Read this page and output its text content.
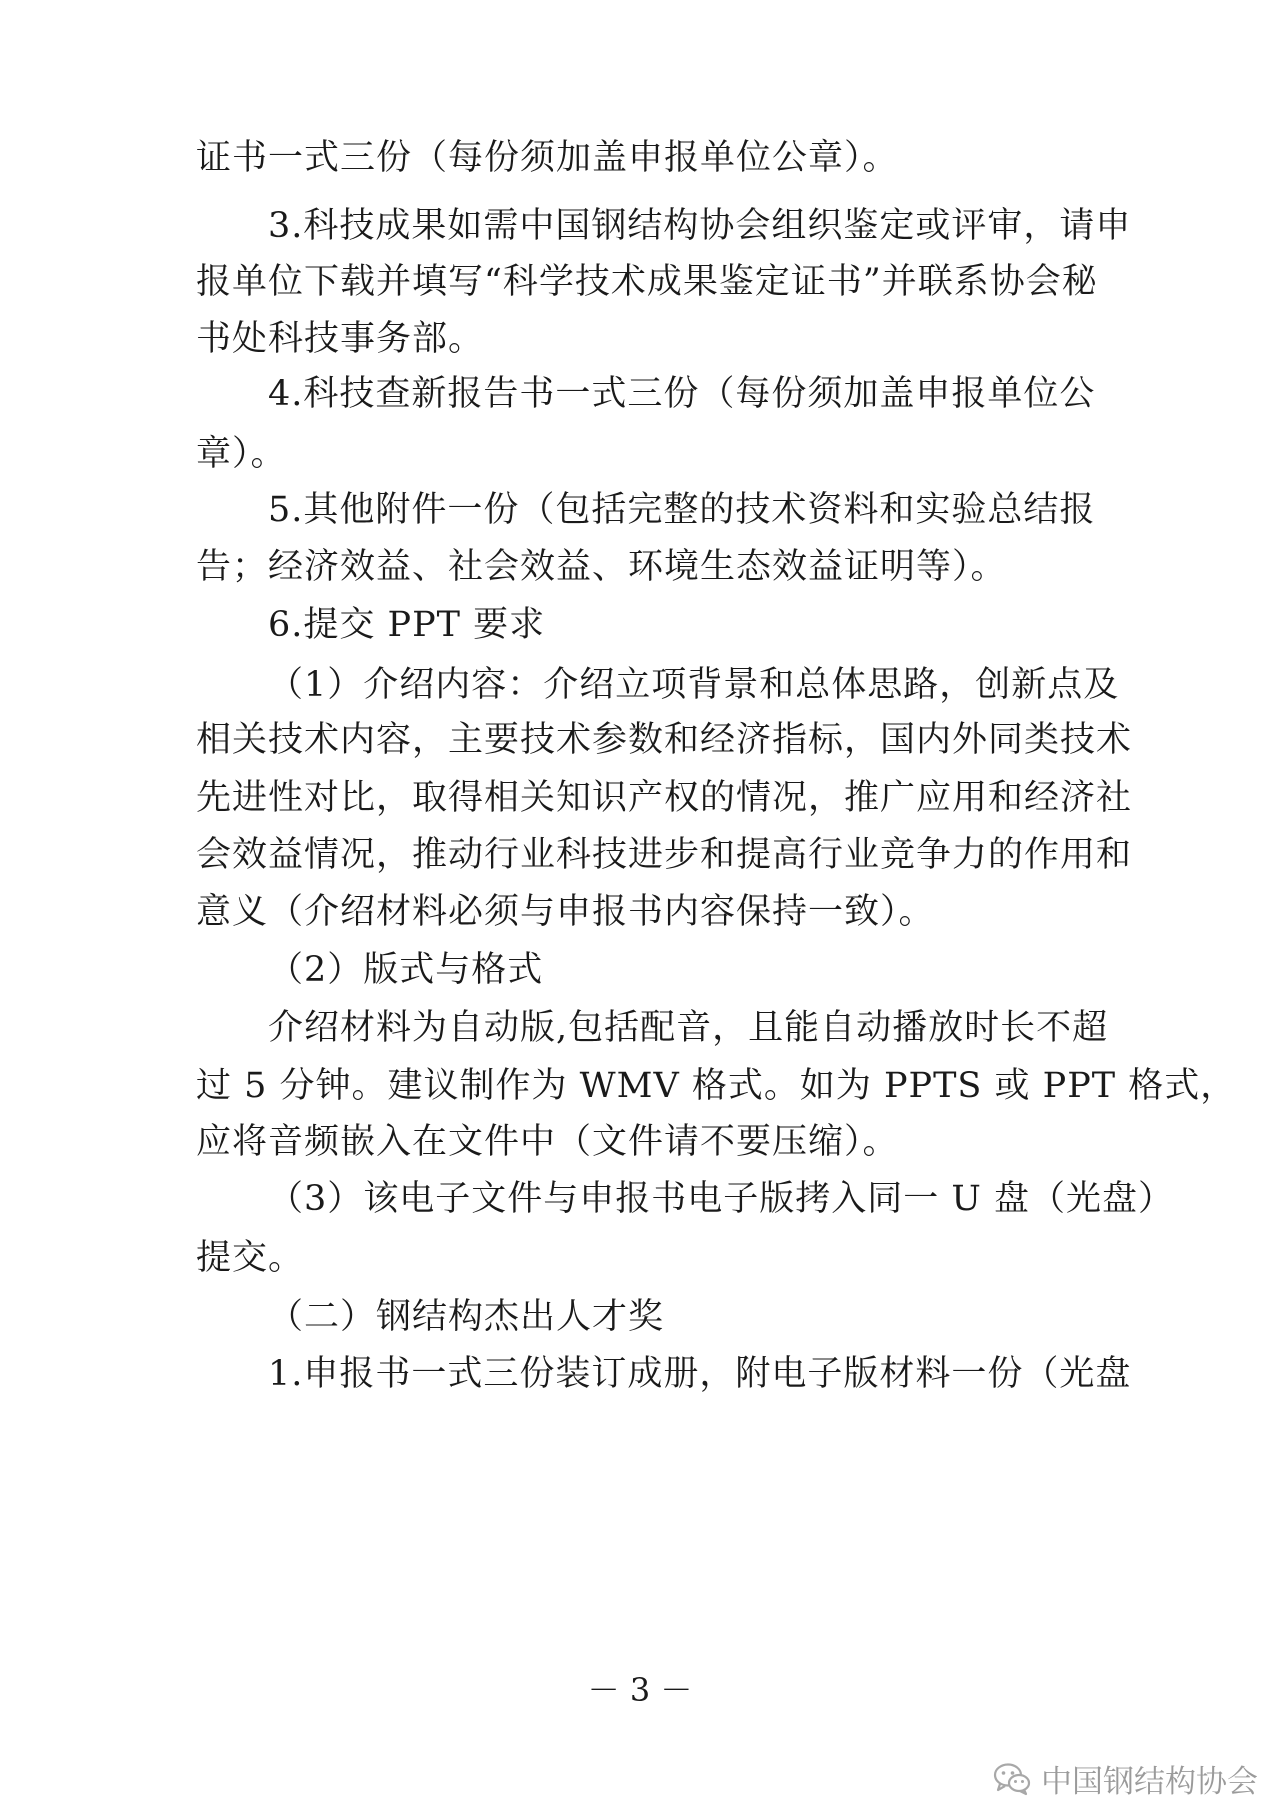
证书一式三份（每份须加盖申报单位公章）。
3.科技成果如需中国钢结构协会组织鉴定或评审，请申
报单位下载并填写“科学技术成果鉴定证书”并联系协会秘
书处科技事务部。
4.科技查新报告书一式三份（每份须加盖申报单位公
章）。
5.其他附件一份（包括完整的技术资料和实验总结报
告；经济效益、社会效益、环境生态效益证明等）。
6.提交 PPT 要求
（1）介绍内容：介绍立项背景和总体思路，创新点及
相关技术内容，主要技术参数和经济指标，国内外同类技术
先进性对比，取得相关知识产权的情况，推广应用和经济社
会效益情况，推动行业科技进步和提高行业竞争力的作用和
意义（介绍材料必须与申报书内容保持一致）。
（2）版式与格式
介绍材料为自动版,包括配音，且能自动播放时长不超
过 5 分钟。建议制作为 WMV 格式。如为 PPTS 或 PPT 格式，
应将音频嵌入在文件中（文件请不要压缩）。
（3）该电子文件与申报书电子版拷入同一 U 盘（光盘）
提交。
（二）钢结构杰出人才奖
1.申报书一式三份装订成册，附电子版材料一份（光盘
－ 3 －
中国钢结构协会
